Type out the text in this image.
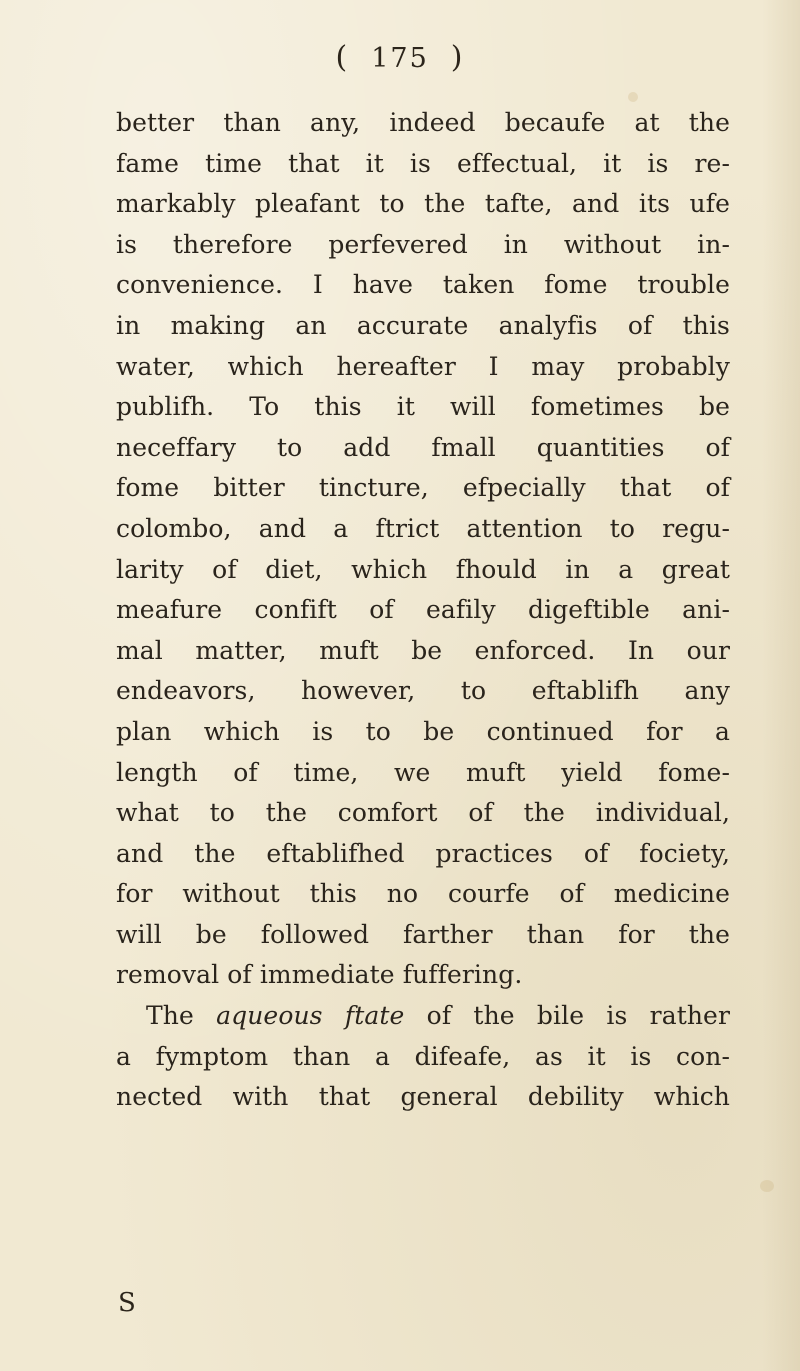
( 175 )
better than any, indeed becaufe at the
fame time that it is effectual, it is re-
markably pleafant to the tafte, and its ufe
is therefore perfevered in without in-
convenience. I have taken fome trouble
in making an accurate analyfis of this
water, which hereafter I may probably
publifh. To this it will fometimes be
neceffary to add fmall quantities of
fome bitter tincture, efpecially that of
colombo, and a ftrict attention to regu-
larity of diet, which fhould in a great
meafure confift of eafily digeftible ani-
mal matter, muft be enforced. In our
endeavors, however, to eftablifh any
plan which is to be continued for a
length of time, we muft yield fome-
what to the comfort of the individual,
and the eftablifhed practices of fociety,
for without this no courfe of medicine
will be followed farther than for the
removal of immediate fuffering.
The aqueous ftate of the bile is rather
a fymptom than a difeafe, as it is con-
nected with that general debility which
S
